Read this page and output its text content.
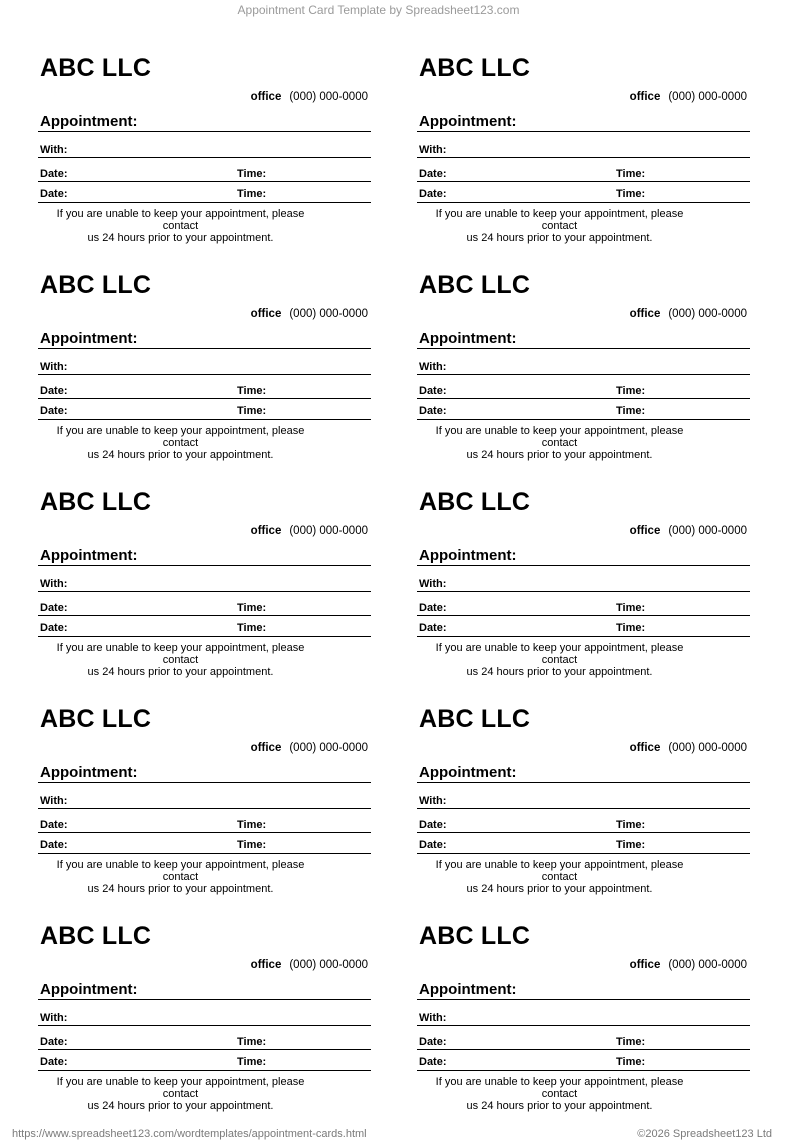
Appointment Card Template by Spreadsheet123.com
ABC LLC
office (000) 000-0000
Appointment:
With:
Date:	Time:
Date:	Time:
If you are unable to keep your appointment, please contact
us 24 hours prior to your appointment.
ABC LLC
office (000) 000-0000
Appointment:
With:
Date:	Time:
Date:	Time:
If you are unable to keep your appointment, please contact
us 24 hours prior to your appointment.
ABC LLC
office (000) 000-0000
Appointment:
With:
Date:	Time:
Date:	Time:
If you are unable to keep your appointment, please contact
us 24 hours prior to your appointment.
ABC LLC
office (000) 000-0000
Appointment:
With:
Date:	Time:
Date:	Time:
If you are unable to keep your appointment, please contact
us 24 hours prior to your appointment.
ABC LLC
office (000) 000-0000
Appointment:
With:
Date:	Time:
Date:	Time:
If you are unable to keep your appointment, please contact
us 24 hours prior to your appointment.
ABC LLC
office (000) 000-0000
Appointment:
With:
Date:	Time:
Date:	Time:
If you are unable to keep your appointment, please contact
us 24 hours prior to your appointment.
ABC LLC
office (000) 000-0000
Appointment:
With:
Date:	Time:
Date:	Time:
If you are unable to keep your appointment, please contact
us 24 hours prior to your appointment.
ABC LLC
office (000) 000-0000
Appointment:
With:
Date:	Time:
Date:	Time:
If you are unable to keep your appointment, please contact
us 24 hours prior to your appointment.
ABC LLC
office (000) 000-0000
Appointment:
With:
Date:	Time:
Date:	Time:
If you are unable to keep your appointment, please contact
us 24 hours prior to your appointment.
ABC LLC
office (000) 000-0000
Appointment:
With:
Date:	Time:
Date:	Time:
If you are unable to keep your appointment, please contact
us 24 hours prior to your appointment.
https://www.spreadsheet123.com/wordtemplates/appointment-cards.html	©2026 Spreadsheet123 Ltd
